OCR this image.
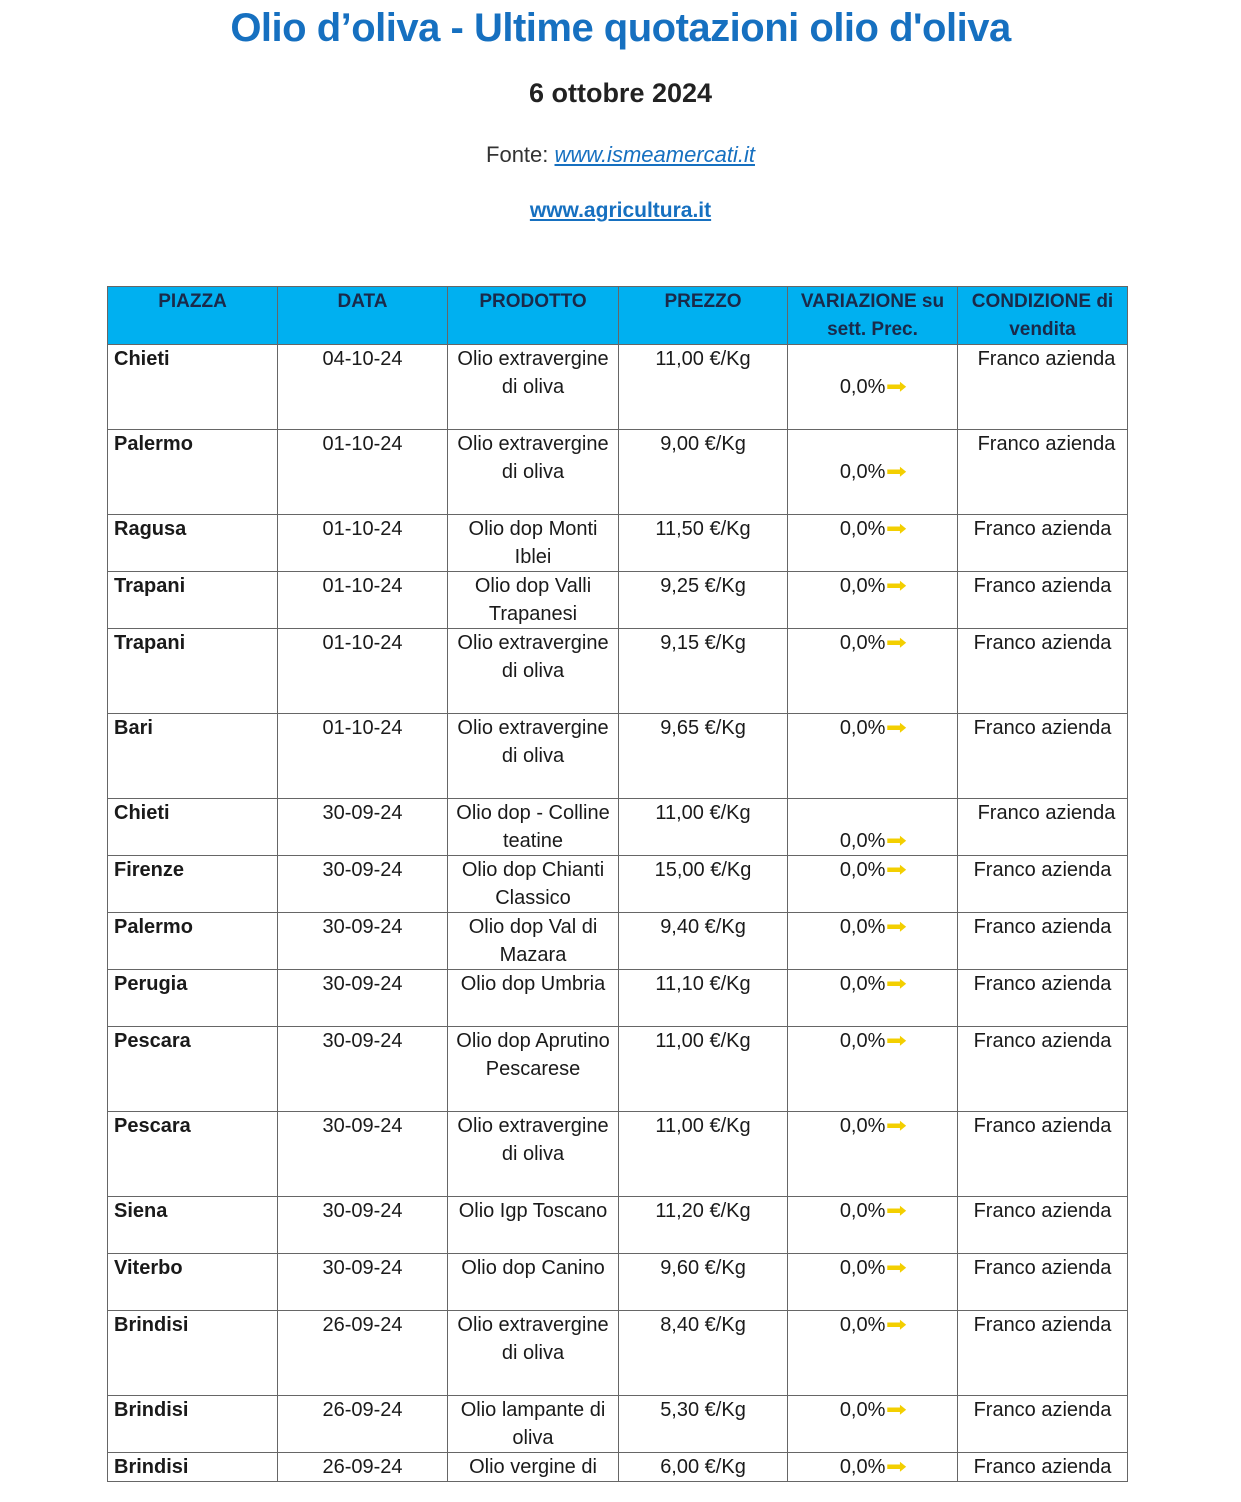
Olio d’oliva - Ultime quotazioni olio d'oliva
6 ottobre 2024
Fonte: www.ismeamercati.it
www.agricultura.it
PIAZZA	DATA	PRODOTTO	PREZZO	VARIAZIONE su sett. Prec.	CONDIZIONE di vendita
Chieti	04-10-24	Olio extravergine di oliva	11,00 €/Kg	0,0%➡	Franco azienda

Palermo	01-10-24	Olio extravergine di oliva	9,00 €/Kg	0,0%➡	Franco azienda

Ragusa	01-10-24	Olio dop Monti Iblei	11,50 €/Kg	0,0%➡	Franco azienda
Trapani	01-10-24	Olio dop Valli Trapanesi	9,25 €/Kg	0,0%➡	Franco azienda
Trapani	01-10-24	Olio extravergine di oliva	9,15 €/Kg	0,0%➡	Franco azienda
Bari	01-10-24	Olio extravergine di oliva	9,65 €/Kg	0,0%➡	Franco azienda
Chieti	30-09-24	Olio dop - Colline teatine	11,00 €/Kg	0,0%➡	Franco azienda

Firenze	30-09-24	Olio dop Chianti Classico	15,00 €/Kg	0,0%➡	Franco azienda
Palermo	30-09-24	Olio dop Val di Mazara	9,40 €/Kg	0,0%➡	Franco azienda
Perugia	30-09-24	Olio dop Umbria	11,10 €/Kg	0,0%➡	Franco azienda
Pescara	30-09-24	Olio dop Aprutino Pescarese	11,00 €/Kg	0,0%➡	Franco azienda
Pescara	30-09-24	Olio extravergine di oliva	11,00 €/Kg	0,0%➡	Franco azienda
Siena	30-09-24	Olio Igp Toscano	11,20 €/Kg	0,0%➡	Franco azienda
Viterbo	30-09-24	Olio dop Canino	9,60 €/Kg	0,0%➡	Franco azienda
Brindisi	26-09-24	Olio extravergine di oliva	8,40 €/Kg	0,0%➡	Franco azienda
Brindisi	26-09-24	Olio lampante di oliva	5,30 €/Kg	0,0%➡	Franco azienda
Brindisi	26-09-24	Olio vergine di	6,00 €/Kg	0,0%➡	Franco azienda
